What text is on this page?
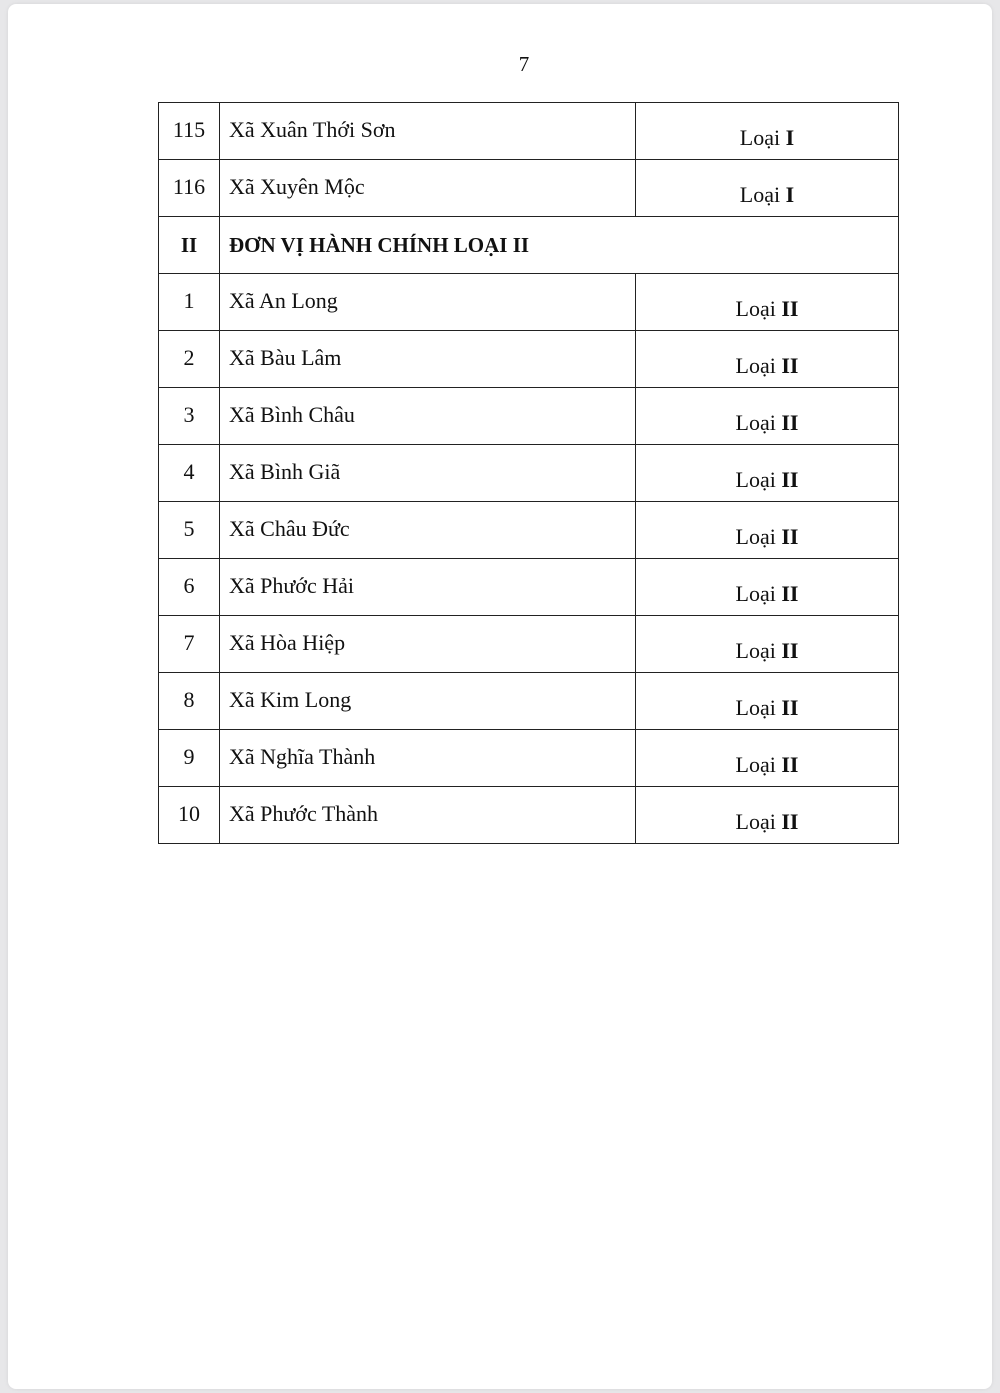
7
115	Xã Xuân Thới Sơn	Loại I
116	Xã Xuyên Mộc	Loại I
II	ĐƠN VỊ HÀNH CHÍNH LOẠI II	
1	Xã An Long	Loại II
2	Xã Bàu Lâm	Loại II
3	Xã Bình Châu	Loại II
4	Xã Bình Giã	Loại II
5	Xã Châu Đức	Loại II
6	Xã Phước Hải	Loại II
7	Xã Hòa Hiệp	Loại II
8	Xã Kim Long	Loại II
9	Xã Nghĩa Thành	Loại II
10	Xã Phước Thành	Loại II
